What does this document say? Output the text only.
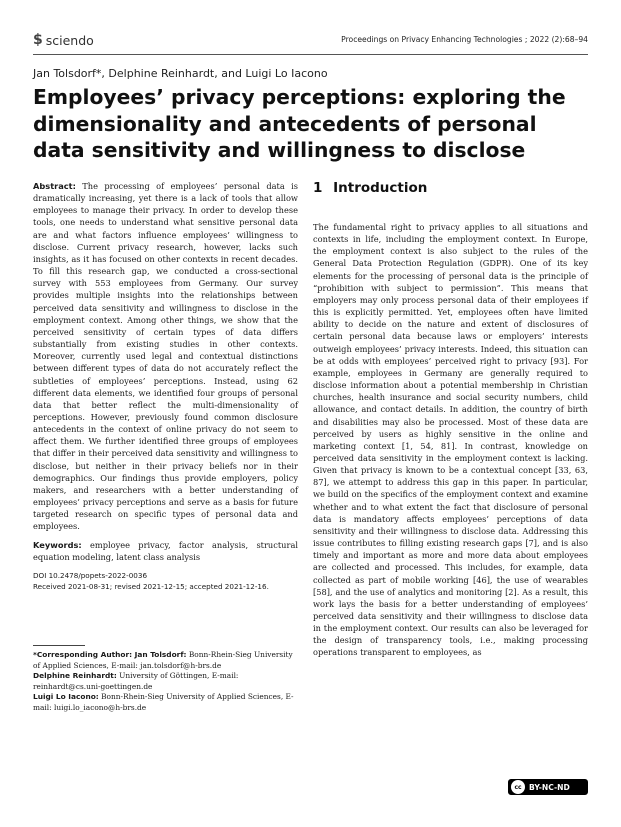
$ sciendo	Proceedings on Privacy Enhancing Technologies ; 2022 (2):68–94
Jan Tolsdorf*, Delphine Reinhardt, and Luigi Lo Iacono
Employees’ privacy perceptions: exploring the dimensionality and antecedents of personal data sensitivity and willingness to disclose

Abstract: The processing of employees’ personal data is dramatically increasing, yet there is a lack of tools that allow employees to manage their privacy. In order to develop these tools, one needs to understand what sensitive personal data are and what factors influence employees’ willingness to disclose. Current privacy research, however, lacks such insights, as it has focused on other contexts in recent decades. To fill this research gap, we conducted a cross-sectional survey with 553 employees from Germany. Our survey provides multiple insights into the relationships between perceived data sensitivity and willingness to disclose in the employment context. Among other things, we show that the perceived sensitivity of certain types of data differs substantially from existing studies in other contexts. Moreover, currently used legal and contextual distinctions between different types of data do not accurately reflect the subtleties of employees’ perceptions. Instead, using 62 different data elements, we identified four groups of personal data that better reflect the multi-dimensionality of perceptions. However, previously found common disclosure antecedents in the context of online privacy do not seem to affect them. We further identified three groups of employees that differ in their perceived data sensitivity and willingness to disclose, but neither in their privacy beliefs nor in their demographics. Our findings thus provide employers, policy makers, and researchers with a better understanding of employees’ privacy perceptions and serve as a basis for future targeted research on specific types of personal data and employees.

Keywords: employee privacy, factor analysis, structural equation modeling, latent class analysis

DOI 10.2478/popets-2022-0036

Received 2021-08-31; revised 2021-12-15; accepted 2021-12-16.

*Corresponding Author: Jan Tolsdorf: Bonn-Rhein-Sieg University of Applied Sciences, E-mail: jan.tolsdorf@h-brs.de

Delphine Reinhardt: University of Göttingen, E-mail: reinhardt@cs.uni-goettingen.de

Luigi Lo Iacono: Bonn-Rhein-Sieg University of Applied Sciences, E-mail: luigi.lo_iacono@h-brs.de

1 Introduction

The fundamental right to privacy applies to all situations and contexts in life, including the employment context. In Europe, the employment context is also subject to the rules of the General Data Protection Regulation (GDPR). One of its key elements for the processing of personal data is the principle of “prohibition with subject to permission”. This means that employers may only process personal data of their employees if this is explicitly permitted. Yet, employees often have limited ability to decide on the nature and extent of disclosures of certain personal data because laws or employers’ interests outweigh employees’ privacy interests. Indeed, this situation can be at odds with employees’ perceived right to privacy [93]. For example, employees in Germany are generally required to disclose information about a potential membership in Christian churches, health insurance and social security numbers, child allowance, and contact details. In addition, the country of birth and disabilities may also be processed. Most of these data are perceived by users as highly sensitive in the online and marketing context [1, 54, 81]. In contrast, knowledge on perceived data sensitivity in the employment context is lacking. Given that privacy is known to be a contextual concept [33, 63, 87], we attempt to address this gap in this paper. In particular, we build on the specifics of the employment context and examine whether and to what extent the fact that disclosure of personal data is mandatory affects employees’ perceptions of data sensitivity and their willingness to disclose data. Addressing this issue contributes to filling existing research gaps [7], and is also timely and important as more and more data about employees are collected and processed. This includes, for example, data collected as part of mobile working [46], the use of wearables [58], and the use of analytics and monitoring [2]. As a result, this work lays the basis for a better understanding of employees’ perceived data sensitivity and their willingness to disclose data in the employment context. Our results can also be leveraged for the design of transparency tools, i.e., making processing operations transparent to employees, as

cc BY-NC-ND
